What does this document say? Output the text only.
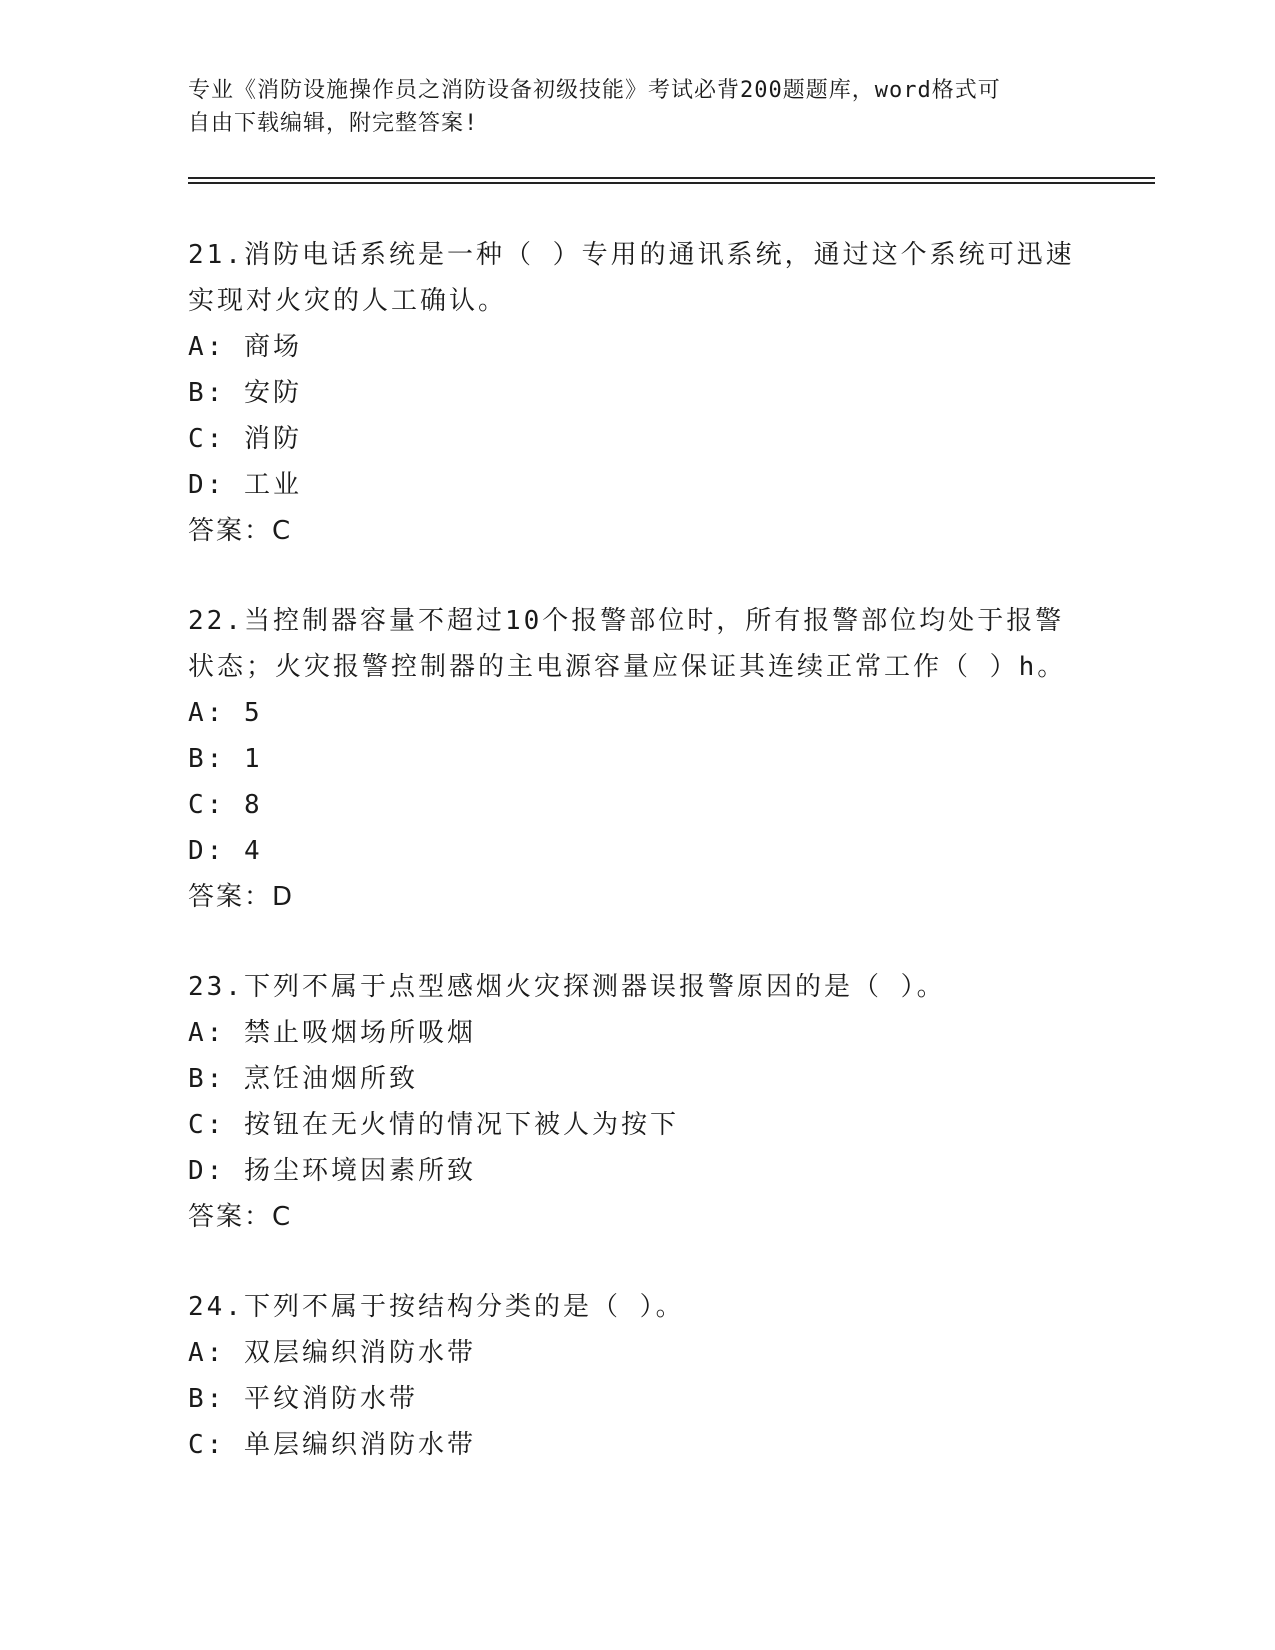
专业《消防设施操作员之消防设备初级技能》考试必背200题题库，word格式可
自由下载编辑，附完整答案!

21.消防电话系统是一种（ ）专用的通讯系统，通过这个系统可迅速
实现对火灾的人工确认。

A: 商场

B: 安防

C: 消防

D: 工业

答案：C

22.当控制器容量不超过10个报警部位时，所有报警部位均处于报警
状态；火灾报警控制器的主电源容量应保证其连续正常工作（ ）h。

A: 5

B: 1

C: 8

D: 4

答案：D

23.下列不属于点型感烟火灾探测器误报警原因的是（ ）。

A: 禁止吸烟场所吸烟

B: 烹饪油烟所致

C: 按钮在无火情的情况下被人为按下

D: 扬尘环境因素所致

答案：C

24.下列不属于按结构分类的是（ ）。

A: 双层编织消防水带

B: 平纹消防水带

C: 单层编织消防水带
